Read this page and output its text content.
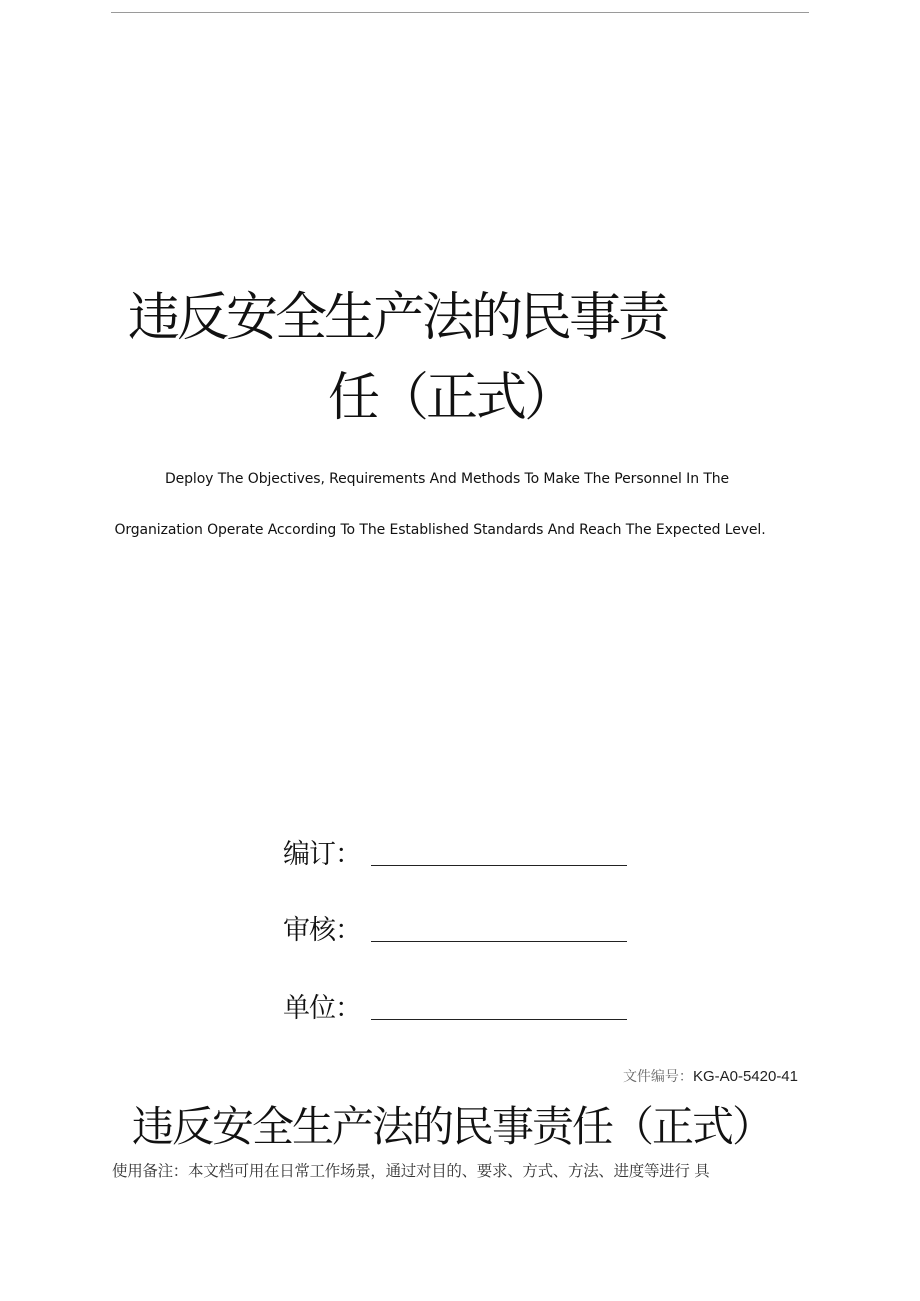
违反安全生产法的民事责
任（正式）
Deploy The Objectives, Requirements And Methods To Make The Personnel In The
Organization Operate According To The Established Standards And Reach The Expected Level.
编订：
审核：
单位：
文件编号：KG-A0-5420-41
违反安全生产法的民事责任（正式）
使用备注：本文档可用在日常工作场景，通过对目的、要求、方式、方法、进度等进行 具
